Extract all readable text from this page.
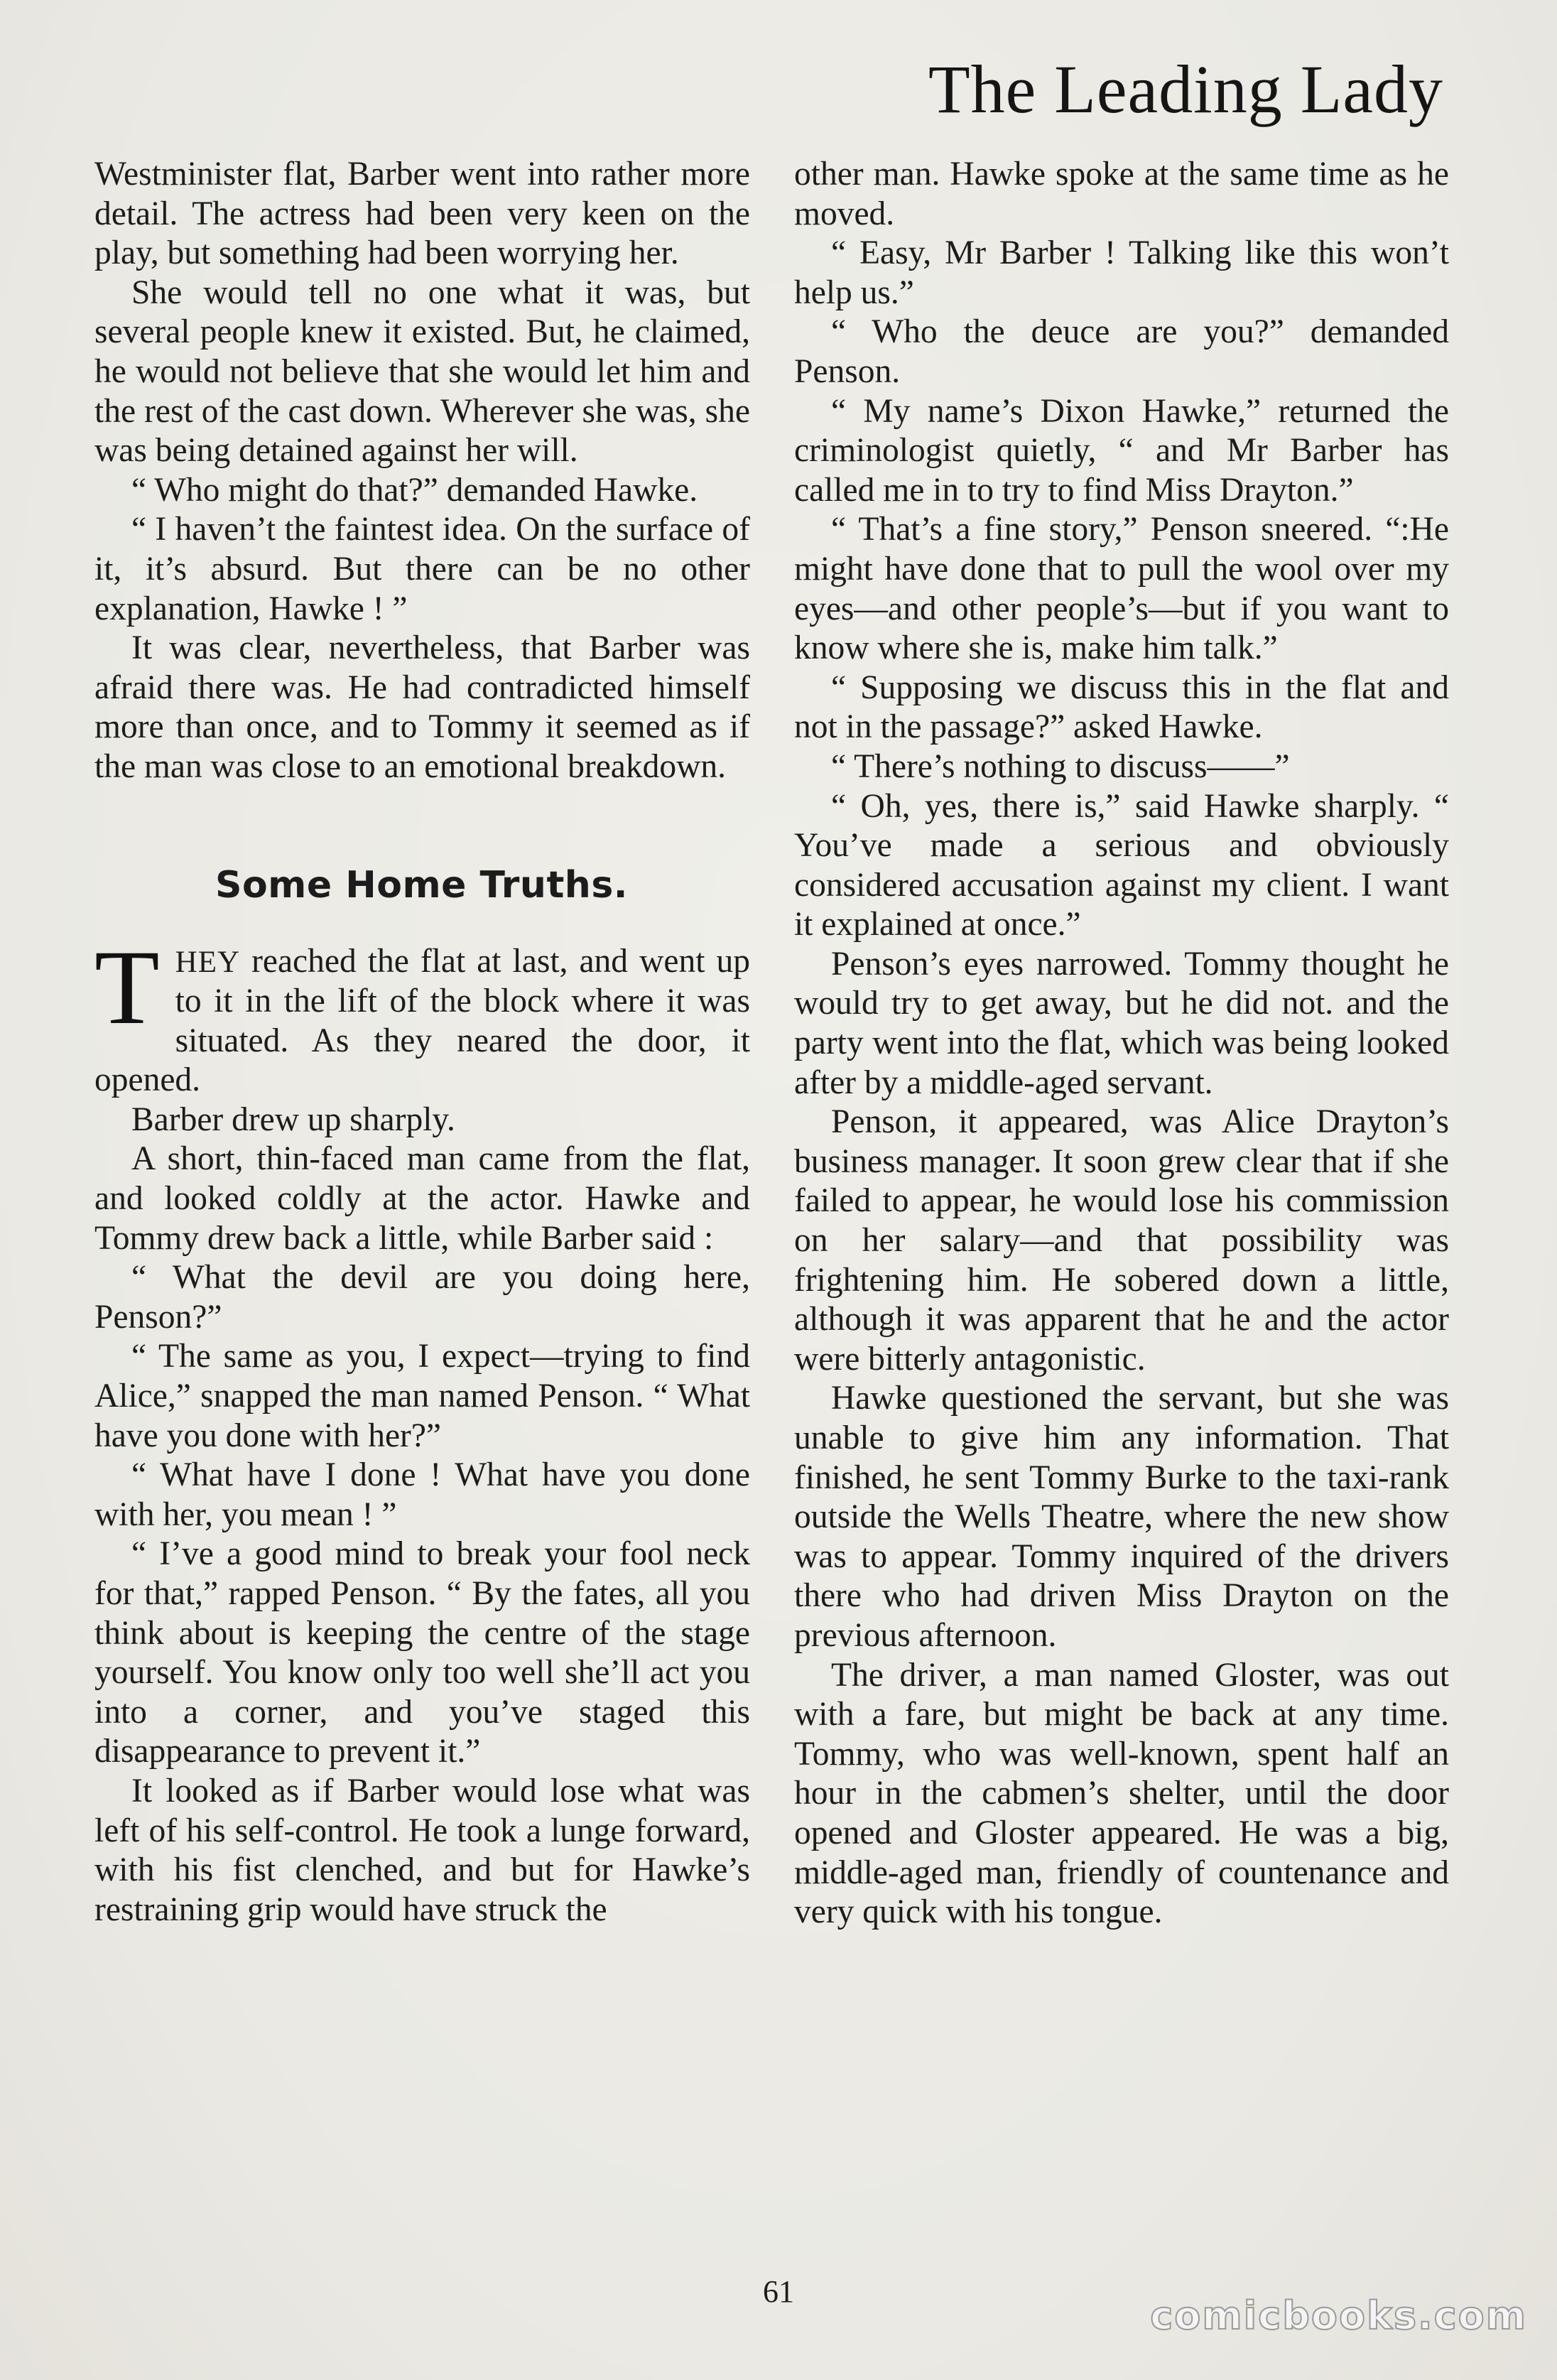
The Leading Lady

Westminister flat, Barber went into rather more detail. The actress had been very keen on the play, but something had been worrying her.

She would tell no one what it was, but several people knew it existed. But, he claimed, he would not believe that she would let him and the rest of the cast down. Wherever she was, she was being detained against her will.

“ Who might do that?” demanded Hawke.

“ I haven’t the faintest idea. On the surface of it, it’s absurd. But there can be no other explanation, Hawke ! ”

It was clear, nevertheless, that Barber was afraid there was. He had contradicted himself more than once, and to Tommy it seemed as if the man was close to an emotional breakdown.

Some Home Truths.

THEY reached the flat at last, and went up to it in the lift of the block where it was situated. As they neared the door, it opened.

Barber drew up sharply.

A short, thin-faced man came from the flat, and looked coldly at the actor. Hawke and Tommy drew back a little, while Barber said :

“ What the devil are you doing here, Penson?”

“ The same as you, I expect—trying to find Alice,” snapped the man named Penson. “ What have you done with her?”

“ What have I done ! What have you done with her, you mean ! ”

“ I’ve a good mind to break your fool neck for that,” rapped Penson. “ By the fates, all you think about is keeping the centre of the stage yourself. You know only too well she’ll act you into a corner, and you’ve staged this disappearance to prevent it.”

It looked as if Barber would lose what was left of his self-control. He took a lunge forward, with his fist clenched, and but for Hawke’s restraining grip would have struck the

other man. Hawke spoke at the same time as he moved.

“ Easy, Mr Barber ! Talking like this won’t help us.”

“ Who the deuce are you?” demanded Penson.

“ My name’s Dixon Hawke,” returned the criminologist quietly, “ and Mr Barber has called me in to try to find Miss Drayton.”

“ That’s a fine story,” Penson sneered. “:He might have done that to pull the wool over my eyes—and other people’s—but if you want to know where she is, make him talk.”

“ Supposing we discuss this in the flat and not in the passage?” asked Hawke.

“ There’s nothing to discuss——”

“ Oh, yes, there is,” said Hawke sharply. “ You’ve made a serious and obviously considered accusation against my client. I want it explained at once.”

Penson’s eyes narrowed. Tommy thought he would try to get away, but he did not. and the party went into the flat, which was being looked after by a middle-aged servant.

Penson, it appeared, was Alice Drayton’s business manager. It soon grew clear that if she failed to appear, he would lose his commission on her salary—and that possibility was frightening him. He sobered down a little, although it was apparent that he and the actor were bitterly antagonistic.

Hawke questioned the servant, but she was unable to give him any information. That finished, he sent Tommy Burke to the taxi-rank outside the Wells Theatre, where the new show was to appear. Tommy inquired of the drivers there who had driven Miss Drayton on the previous afternoon.

The driver, a man named Gloster, was out with a fare, but might be back at any time. Tommy, who was well-known, spent half an hour in the cabmen’s shelter, until the door opened and Gloster appeared. He was a big, middle-aged man, friendly of countenance and very quick with his tongue.

61
comicbooks.com
